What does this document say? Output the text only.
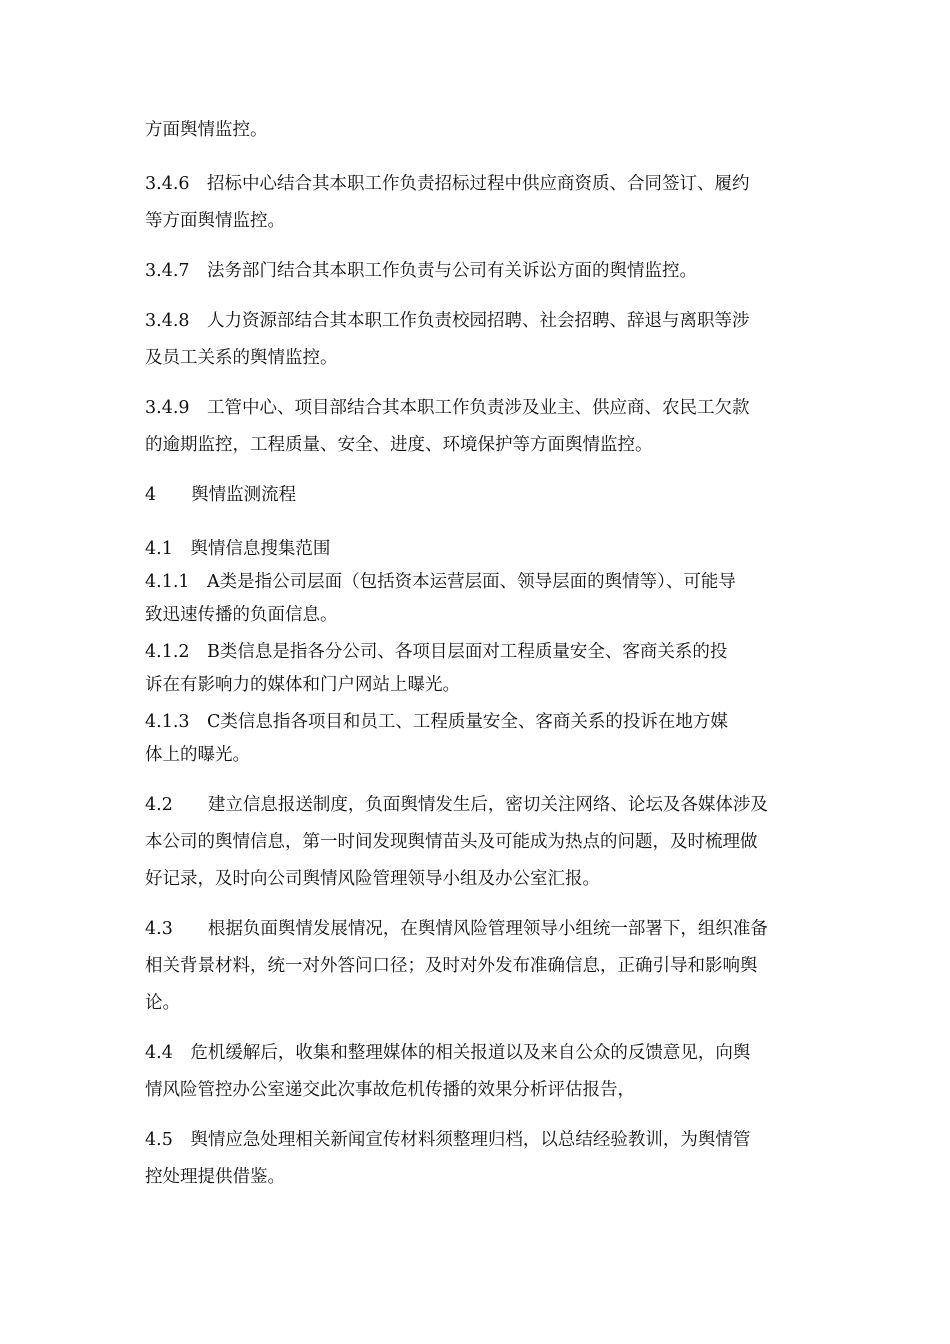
方面舆情监控。
3.4.6　招标中心结合其本职工作负责招标过程中供应商资质、合同签订、履约
等方面舆情监控。
3.4.7　法务部门结合其本职工作负责与公司有关诉讼方面的舆情监控。
3.4.8　人力资源部结合其本职工作负责校园招聘、社会招聘、辞退与离职等涉
及员工关系的舆情监控。
3.4.9　工管中心、项目部结合其本职工作负责涉及业主、供应商、农民工欠款
的逾期监控，工程质量、安全、进度、环境保护等方面舆情监控。
4　　舆情监测流程
4.1　舆情信息搜集范围
4.1.1　A类是指公司层面（包括资本运营层面、领导层面的舆情等）、可能导
致迅速传播的负面信息。
4.1.2　B类信息是指各分公司、各项目层面对工程质量安全、客商关系的投
诉在有影响力的媒体和门户网站上曝光。
4.1.3　C类信息指各项目和员工、工程质量安全、客商关系的投诉在地方媒
体上的曝光。
4.2　　建立信息报送制度，负面舆情发生后，密切关注网络、论坛及各媒体涉及
本公司的舆情信息，第一时间发现舆情苗头及可能成为热点的问题，及时梳理做
好记录，及时向公司舆情风险管理领导小组及办公室汇报。
4.3　　根据负面舆情发展情况，在舆情风险管理领导小组统一部署下，组织准备
相关背景材料，统一对外答问口径；及时对外发布准确信息，正确引导和影响舆
论。
4.4　危机缓解后，收集和整理媒体的相关报道以及来自公众的反馈意见，向舆
情风险管控办公室递交此次事故危机传播的效果分析评估报告，
4.5　舆情应急处理相关新闻宣传材料须整理归档，以总结经验教训，为舆情管
控处理提供借鉴。
